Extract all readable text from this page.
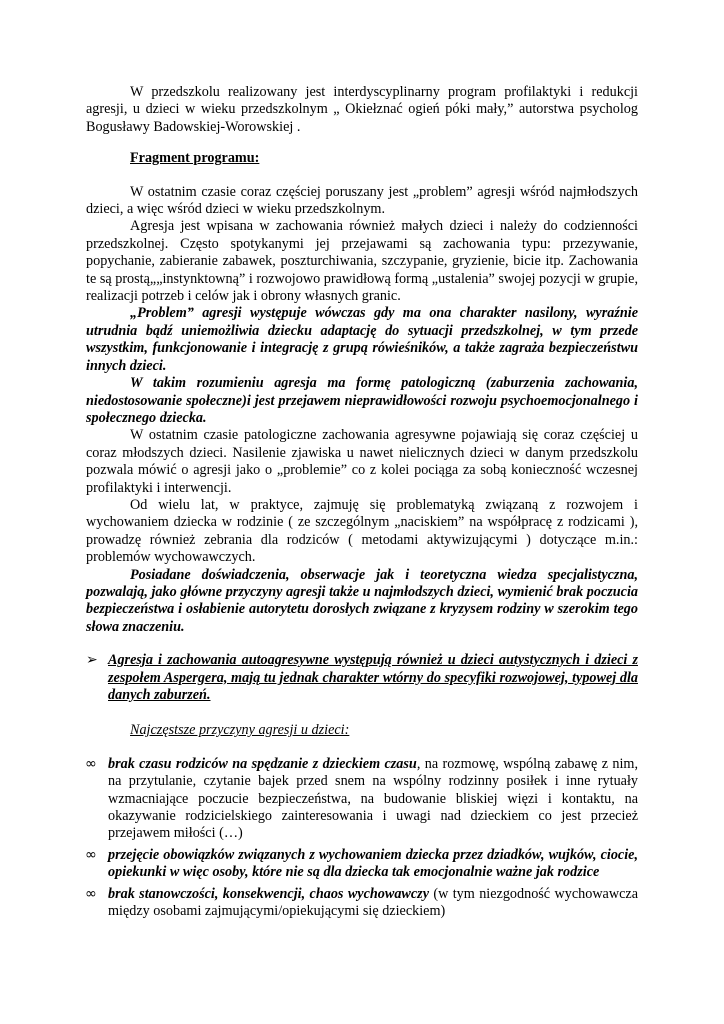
W przedszkolu realizowany jest interdyscyplinarny program profilaktyki i redukcji agresji, u dzieci w wieku przedszkolnym „ Okiełznać ogień póki mały,” autorstwa psycholog Bogusławy Badowskiej-Worowskiej .

Fragment programu:

W ostatnim czasie coraz częściej poruszany jest „problem” agresji wśród najmłodszych dzieci, a więc wśród dzieci w wieku przedszkolnym.

Agresja jest wpisana w zachowania również małych dzieci i należy do codzienności przedszkolnej. Często spotykanymi jej przejawami są zachowania typu: przezywanie, popychanie, zabieranie zabawek, poszturchiwania, szczypanie, gryzienie, bicie itp. Zachowania te są prostą„„instynktowną” i rozwojowo prawidłową formą „ustalenia” swojej pozycji w grupie, realizacji potrzeb i celów jak i obrony własnych granic.

„Problem” agresji występuje wówczas gdy ma ona charakter nasilony, wyraźnie utrudnia bądź uniemożliwia dziecku adaptację do sytuacji przedszkolnej, w tym przede wszystkim, funkcjonowanie i integrację z grupą rówieśników, a także zagraża bezpieczeństwu innych dzieci.

W takim rozumieniu agresja ma formę patologiczną (zaburzenia zachowania, niedostosowanie społeczne)i jest przejawem nieprawidłowości rozwoju psychoemocjonalnego i społecznego dziecka.

W ostatnim czasie patologiczne zachowania agresywne pojawiają się coraz częściej u coraz młodszych dzieci. Nasilenie zjawiska u nawet nielicznych dzieci w danym przedszkolu pozwala mówić o agresji jako o „problemie” co z kolei pociąga za sobą konieczność wczesnej profilaktyki i interwencji.

Od wielu lat, w praktyce, zajmuję się problematyką związaną z rozwojem i wychowaniem dziecka w rodzinie ( ze szczególnym „naciskiem” na współpracę z rodzicami ), prowadzę również zebrania dla rodziców ( metodami aktywizującymi ) dotyczące m.in.: problemów wychowawczych.

Posiadane doświadczenia, obserwacje jak i teoretyczna wiedza specjalistyczna, pozwalają, jako główne przyczyny agresji także u najmłodszych dzieci, wymienić brak poczucia bezpieczeństwa i osłabienie autorytetu dorosłych związane z kryzysem rodziny w szerokim tego słowa znaczeniu.

➢ Agresja i zachowania autoagresywne występują również u dzieci autystycznych i dzieci z zespołem Aspergera, mają tu jednak charakter wtórny do specyfiki rozwojowej, typowej dla danych zaburzeń.
Najczęstsze przyczyny agresji u dzieci:
∞ brak czasu rodziców na spędzanie z dzieckiem czasu, na rozmowę, wspólną zabawę z nim, na przytulanie, czytanie bajek przed snem na wspólny rodzinny posiłek i inne rytuały wzmacniające poczucie bezpieczeństwa, na budowanie bliskiej więzi i kontaktu, na okazywanie rodzicielskiego zainteresowania i uwagi nad dzieckiem co jest przecież przejawem miłości (…)
∞ przejęcie obowiązków związanych z wychowaniem dziecka przez dziadków, wujków, ciocie, opiekunki w więc osoby, które nie są dla dziecka tak emocjonalnie ważne jak rodzice
∞ brak stanowczości, konsekwencji, chaos wychowawczy (w tym niezgodność wychowawcza między osobami zajmującymi/opiekującymi się dzieckiem)
